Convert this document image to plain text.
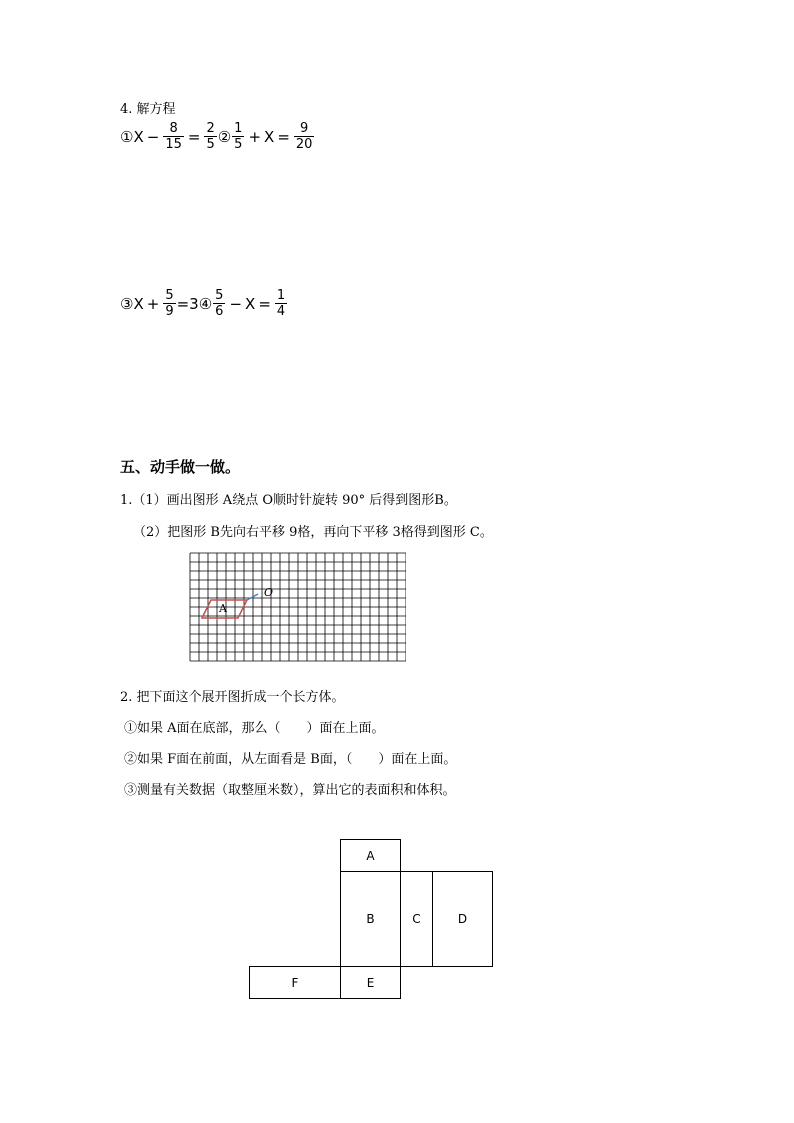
4. 解方程
① $X - \frac{8}{15} = \frac{2}{5}$ ② $\frac{1}{5} + X = \frac{9}{20}$
③ $X + \frac{5}{9} = 3$ ④ $\frac{5}{6} - X = \frac{1}{4}$
五、动手做一做。
1.（1）画出图形 A绕点 O顺时针旋转 90° 后得到图形B。
（2）把图形 B先向右平移 9格，再向下平移 3格得到图形 C。
A
O
2. 把下面这个展开图折成一个长方体。
①如果 A面在底部，那么（　　）面在上面。
②如果 F面在前面，从左面看是 B面，（　　）面在上面。
③测量有关数据（取整厘米数），算出它的表面积和体积。
A
B	C	D
F	E
